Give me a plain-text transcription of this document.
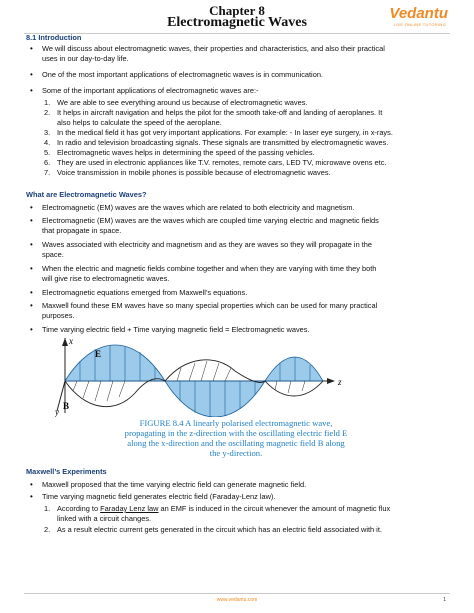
Chapter 8
Electromagnetic Waves
Vedantu
LIVE ONLINE TUTORING
8.1 Introduction
• We will discuss about electromagnetic waves, their properties and characteristics, and also their practical
uses in our day-to-day life.
• One of the most important applications of electromagnetic waves is in communication.
• Some of the important applications of electromagnetic waves are:-
1. We are able to see everything around us because of electromagnetic waves.
2. It helps in aircraft navigation and helps the pilot for the smooth take-off and landing of aeroplanes. It
also helps to calculate the speed of the aeroplane.
3. In the medical field it has got very important applications. For example: - In laser eye surgery, in x-rays.
4. In radio and television broadcasting signals. These signals are transmitted by electromagnetic waves.
5. Electromagnetic waves helps in determining the speed of the passing vehicles.
6. They are used in electronic appliances like T.V. remotes, remote cars, LED TV, microwave ovens etc.
7. Voice transmission in mobile phones is possible because of electromagnetic waves.
What are Electromagnetic Waves?
• Electromagnetic (EM) waves are the waves which are related to both electricity and magnetism.
• Electromagnetic (EM) waves are the waves which are coupled time varying electric and magnetic fields
that propagate in space.
• Waves associated with electricity and magnetism and as they are waves so they will propagate in the
space.
• When the electric and magnetic fields combine together and when they are varying with time they both
will give rise to electromagnetic waves.
• Electromagnetic equations emerged from Maxwell’s equations.
• Maxwell found these EM waves have so many special properties which can be used for many practical
purposes.
• Time varying electric field + Time varying magnetic field = Electromagnetic waves.
x
z
y
E
B
FIGURE 8.4 A linearly polarised electromagnetic wave,
propagating in the z-direction with the oscillating electric field E
along the x-direction and the oscillating magnetic field B along
the y-direction.
Maxwell’s Experiments
• Maxwell proposed that the time varying electric field can generate magnetic field.
• Time varying magnetic field generates electric field (Faraday-Lenz law).
1. According to Faraday Lenz law an EMF is induced in the circuit whenever the amount of magnetic flux
linked with a circuit changes.
2. As a result electric current gets generated in the circuit which has an electric field associated with it.
www.vedantu.com	1
